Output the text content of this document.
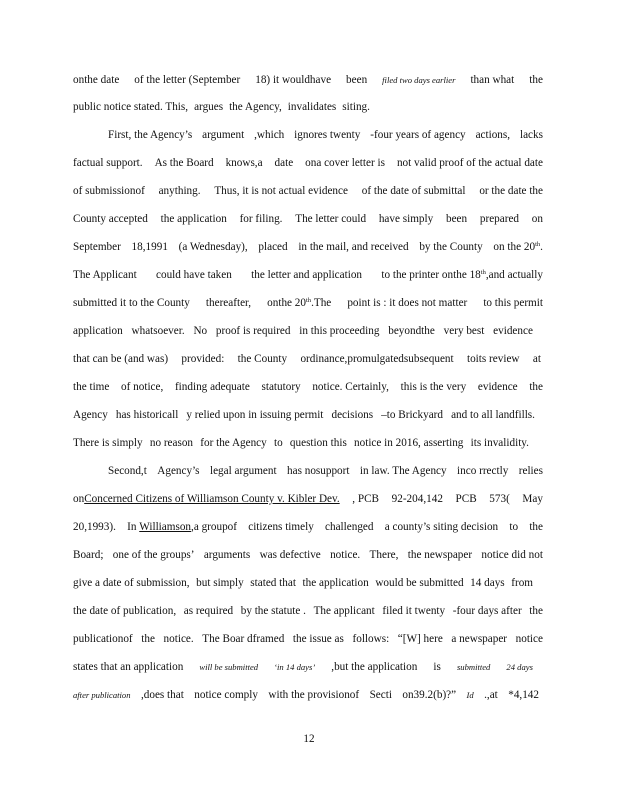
onthe date of the letter (September 18) it wouldhave been filed two days earlier than what the
public notice stated. This, argues the Agency, invalidates siting.
First, the Agency’s argument ,which ignores twenty -four years of agency actions, lacks
factual support. As the Board knows,a date ona cover letter is not valid proof of the actual date
of submissionof anything. Thus, it is not actual evidence of the date of submittal or the date the
County accepted the application for filing. The letter could have simply been prepared on
September 18,1991 (a Wednesday), placed in the mail, and received by the County on the 20th.
The Applicant could have taken the letter and application to the printer onthe 18th,and actually
submitted it to the County thereafter, onthe 20th.The point is : it does not matter to this permit
application whatsoever. No proof is required in this proceeding beyondthe very best evidence
that can be (and was) provided: the County ordinance,promulgatedsubsequent toits review at
the time of notice, finding adequate statutory notice. Certainly, this is the very evidence the
Agency has historicall y relied upon in issuing permit decisions –to Brickyard and to all landfills.
There is simply no reason for the Agency to question this notice in 2016, asserting its invalidity.
Second,t Agency’s legal argument has nosupport in law. The Agency inco rrectly relies
onConcerned Citizens of Williamson County v. Kibler Dev. , PCB 92-204,142 PCB 573( May
20,1993). In Williamson,a groupof citizens timely challenged a county’s siting decision to the
Board; one of the groups’ arguments was defective notice. There, the newspaper notice did not
give a date of submission, but simply stated that the application would be submitted 14 days from
the date of publication, as required by the statute . The applicant filed it twenty -four days after the
publicationof the notice. The Boar dframed the issue as follows: “[W] here a newspaper notice
states that an application will be submitted ‘in 14 days’ ,but the application is submitted 24 days
after publication ,does that notice comply with the provisionof Secti on39.2(b)?” Id .,at *4,142
12
